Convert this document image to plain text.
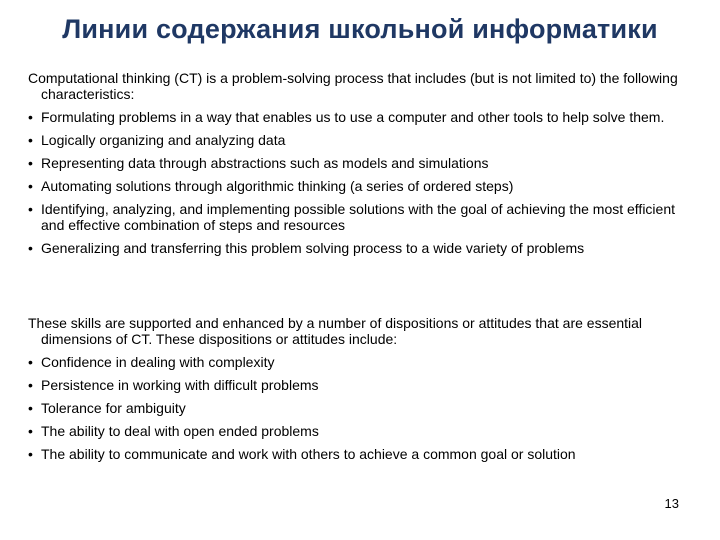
Линии содержания школьной информатики

Computational thinking (CT) is a problem-solving process that includes (but is not limited to) the following characteristics:

• Formulating problems in a way that enables us to use a computer and other tools to help solve them.
• Logically organizing and analyzing data
• Representing data through abstractions such as models and simulations
• Automating solutions through algorithmic thinking (a series of ordered steps)
• Identifying, analyzing, and implementing possible solutions with the goal of achieving the most efficient and effective combination of steps and resources
• Generalizing and transferring this problem solving process to a wide variety of problems

These skills are supported and enhanced by a number of dispositions or attitudes that are essential dimensions of CT. These dispositions or attitudes include:

• Confidence in dealing with complexity
• Persistence in working with difficult problems
• Tolerance for ambiguity
• The ability to deal with open ended problems
• The ability to communicate and work with others to achieve a common goal or solution
13
